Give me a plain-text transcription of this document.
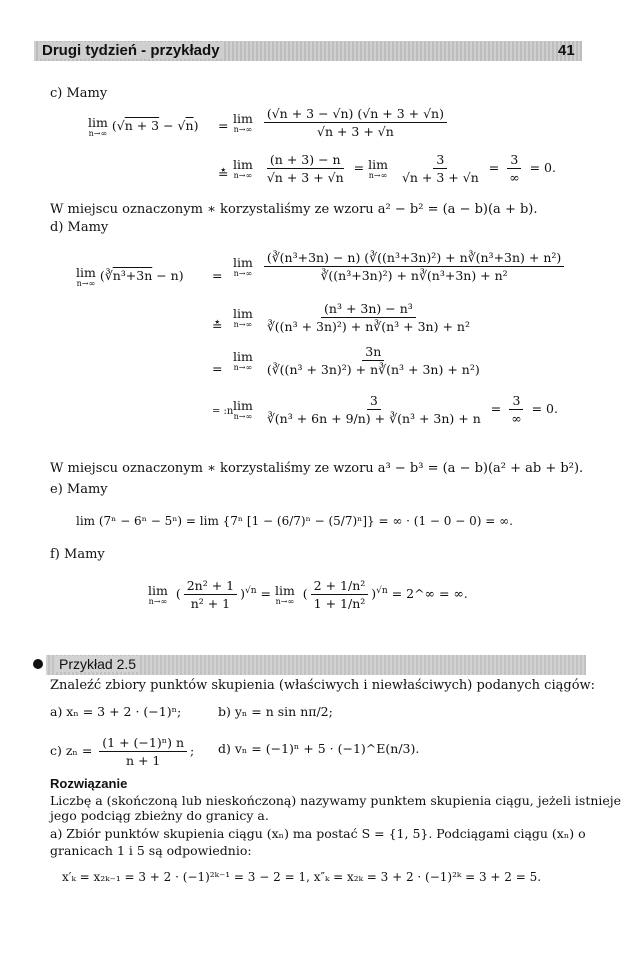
Drugi tydzień - przykłady	41
c) Mamy
lim
n→∞
(√n + 3 − √n) = lim
n→∞
$\frac{(√n + 3 - √n) (√n + 3 + √n)}{√n + 3 + √n}$
≛
lim
n→∞
$\frac{(n + 3) - n}{√n + 3 + √n} = \lim$
n→∞
$\frac{3}{√n + 3 + √n} = \frac{3}{\infty} = 0$.
W miejscu oznaczonym ∗ korzystaliśmy ze wzoru a² − b² = (a − b)(a + b).
d) Mamy
lim
n→∞
(∛n³+3n − n) =
lim
n→∞
$\frac{\text{(∛(n³+3n) − n) (∛((n³+3n)²) + n∛(n³+3n) + n²)}}{\text{∛((n³+3n)²) + n∛(n³+3n) + n²}}$
≛
lim
n→∞
$\frac{\text{(n³ + 3n) − n³}}{\text{∛((n³ + 3n)²) + n∛(n³ + 3n) + n²}}$
=
lim
n→∞
$\frac{3n}{\text{(∛((n³ + 3n)²) + n∛(n³ + 3n) + n²)}}$
= :n lim
n→∞
$\frac{3}{\text{∛(n³ + 6n + 9/n) + ∛(n³ + 3n) + n}} = \frac{3}{\infty} = 0$.
W miejscu oznaczonym ∗ korzystaliśmy ze wzoru a³ − b³ = (a − b)(a² + ab + b²).
e) Mamy
lim (7ⁿ − 6ⁿ − 5ⁿ) = lim {7ⁿ [1 − (6/7)ⁿ − (5/7)ⁿ]} = ∞ · (1 − 0 − 0) = ∞.
f) Mamy
lim
n→∞
( $\frac{\text{2n² + 1}}{\text{n² + 1}} )^{√n} = \lim$
n→∞
( $\frac{\text{2 + 1/n²}}{\text{1 + 1/n²}} )^{√n}$ = 2^∞ = ∞.
Przykład 2.5
Znaleźć zbiory punktów skupienia (właściwych i niewłaściwych) podanych ciągów:
a) xₙ = 3 + 2 · (−1)ⁿ;	b) yₙ = n sin nπ/2;
c) $z_n = \frac{\text{(1 + (−1)ⁿ) n}}{n + 1}$ ; d) vₙ = (−1)ⁿ + 5 · (−1)^E(n/3).
Rozwiązanie
Liczbę a (skończoną lub nieskończoną) nazywamy punktem skupienia ciągu, jeżeli istnieje
jego podciąg zbieżny do granicy a.
a) Zbiór punktów skupienia ciągu (xₙ) ma postać S = {1, 5}. Podciągami ciągu (xₙ) o
granicach 1 i 5 są odpowiednio:
x′ₖ = x₂ₖ₋₁ = 3 + 2 · (−1)²ᵏ⁻¹ = 3 − 2 = 1, x″ₖ = x₂ₖ = 3 + 2 · (−1)²ᵏ = 3 + 2 = 5.
